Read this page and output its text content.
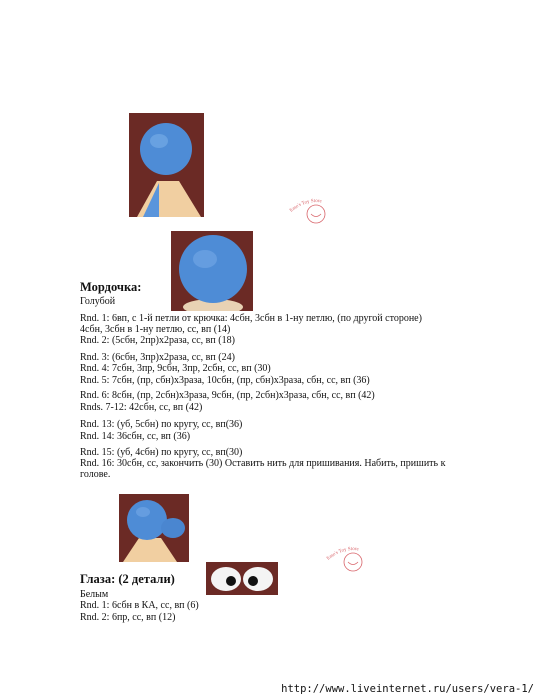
Emo's Toy Store
Мордочка:
Голубой
Rnd. 1: 6вп, с 1-й петли от крючка: 4сбн, 3сбн в 1-ну петлю, (по другой стороне)
4сбн, 3сбн в 1-ну петлю, сс, вп (14)
Rnd. 2: (5сбн, 2пр)х2раза, сс, вп (18)
Rnd. 3: (6сбн, 3пр)х2раза, сс, вп (24)
Rnd. 4: 7сбн, 3пр, 9сбн, 3пр, 2сбн, сс, вп (30)
Rnd. 5: 7сбн, (пр, сбн)х3раза, 10сбн, (пр, сбн)х3раза, сбн, сс, вп (36)
Rnd. 6: 8сбн, (пр, 2сбн)х3раза, 9сбн, (пр, 2сбн)х3раза, сбн, сс, вп (42)
Rnds. 7-12: 42сбн, сс, вп (42)
Rnd. 13: (уб, 5сбн) по кругу, сс, вп(36)
Rnd. 14: 36сбн, сс, вп (36)
Rnd. 15: (уб, 4сбн) по кругу, сс, вп(30)
Rnd. 16: 30сбн, сс, закончить (30) Оставить нить для пришивания. Набить, пришить к голове.
Emo's Toy Store
Глаза: (2 детали)
Белым
Rnd. 1: 6сбн в КА, сс, вп (6)
Rnd. 2: 6пр, сс, вп (12)
http://www.liveinternet.ru/users/vera-1/
